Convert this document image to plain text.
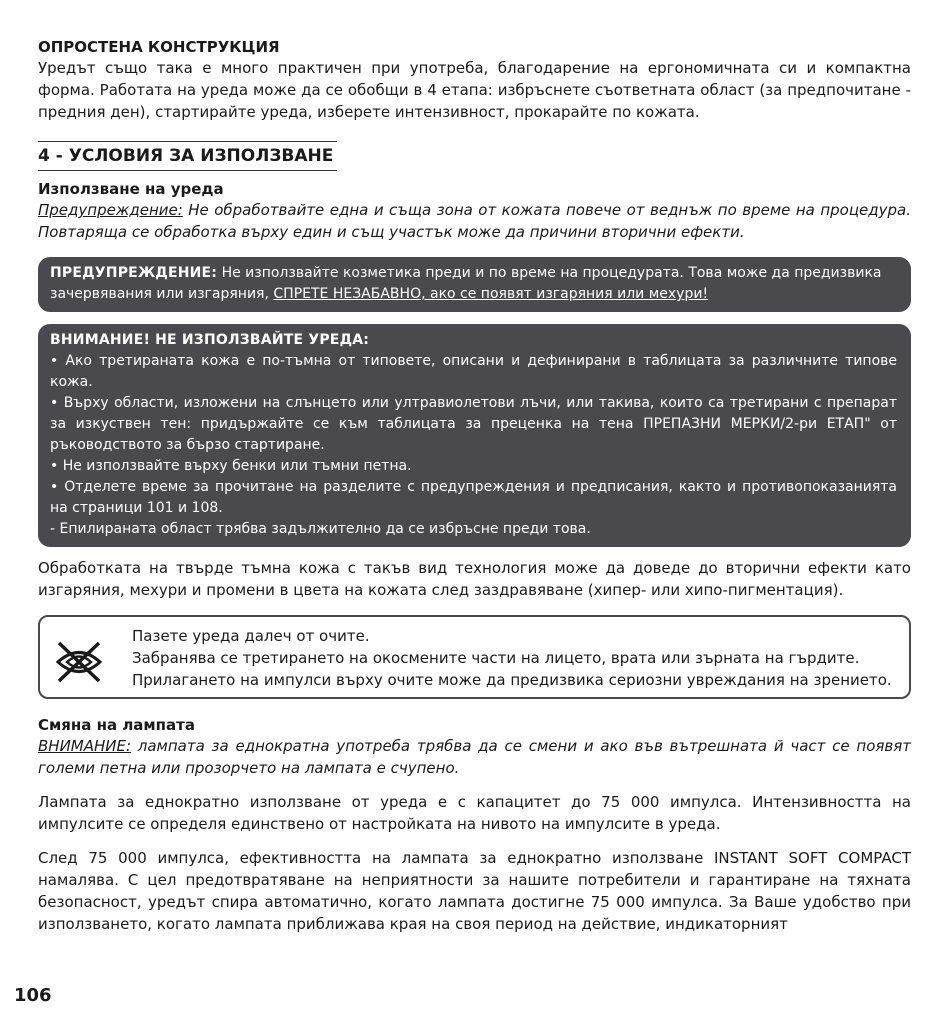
ОПРОСТЕНА КОНСТРУКЦИЯ

Уредът също така е много практичен при употреба, благодарение на ергономичната си и компактна форма. Работата на уреда може да се обобщи в 4 етапа: избръснете съответната област (за предпочитане - предния ден), стартирайте уреда, изберете интензивност, прокарайте по кожата.

4 - УСЛОВИЯ ЗА ИЗПОЛЗВАНЕ
Използване на уреда

Предупреждение: Не обработвайте една и съща зона от кожата повече от веднъж по време на процедура. Повтаряща се обработка върху един и същ участък може да причини вторични ефекти.

ПРЕДУПРЕЖДЕНИЕ: Не използвайте козметика преди и по време на процедурата. Това може да предизвика зачервявания или изгаряния, СПРЕТЕ НЕЗАБАВНО, ако се появят изгаряния или мехури!

ВНИМАНИЕ! НЕ ИЗПОЛЗВАЙТЕ УРЕДА:

• Ако третираната кожа е по-тъмна от типовете, описани и дефинирани в таблицата за различните типове кожа.

• Върху области, изложени на слънцето или ултравиолетови лъчи, или такива, които са третирани с препарат за изкуствен тен: придържайте се към таблицата за преценка на тена ПРЕПАЗНИ МЕРКИ/2-ри ЕТАП" от ръководството за бързо стартиране.

• Не използвайте върху бенки или тъмни петна.

• Отделете време за прочитане на разделите с предупреждения и предписания, както и противопоказанията на страници 101 и 108.

- Епилираната област трябва задължително да се избръсне преди това.

Обработката на твърде тъмна кожа с такъв вид технология може да доведе до вторични ефекти като изгаряния, мехури и промени в цвета на кожата след заздравяване (хипер- или хипо-пигментация).

Пазете уреда далеч от очите.

Забранява се третирането на окосмените части на лицето, врата или зърната на гърдите.

Прилагането на импулси върху очите може да предизвика сериозни увреждания на зрението.

Смяна на лампата

ВНИМАНИЕ: лампата за еднократна употреба трябва да се смени и ако във вътрешната й част се появят големи петна или прозорчето на лампата е счупено.

Лампата за еднократно използване от уреда е с капацитет до 75 000 импулса. Интензивността на импулсите се определя единствено от настройката на нивото на импулсите в уреда.

След 75 000 импулса, ефективността на лампата за еднократно използване INSTANT SOFT COMPACT намалява. С цел предотвратяване на неприятности за нашите потребители и гарантиране на тяхната безопасност, уредът спира автоматично, когато лампата достигне 75 000 импулса. За Ваше удобство при използването, когато лампата приближава края на своя период на действие, индикаторният

106
